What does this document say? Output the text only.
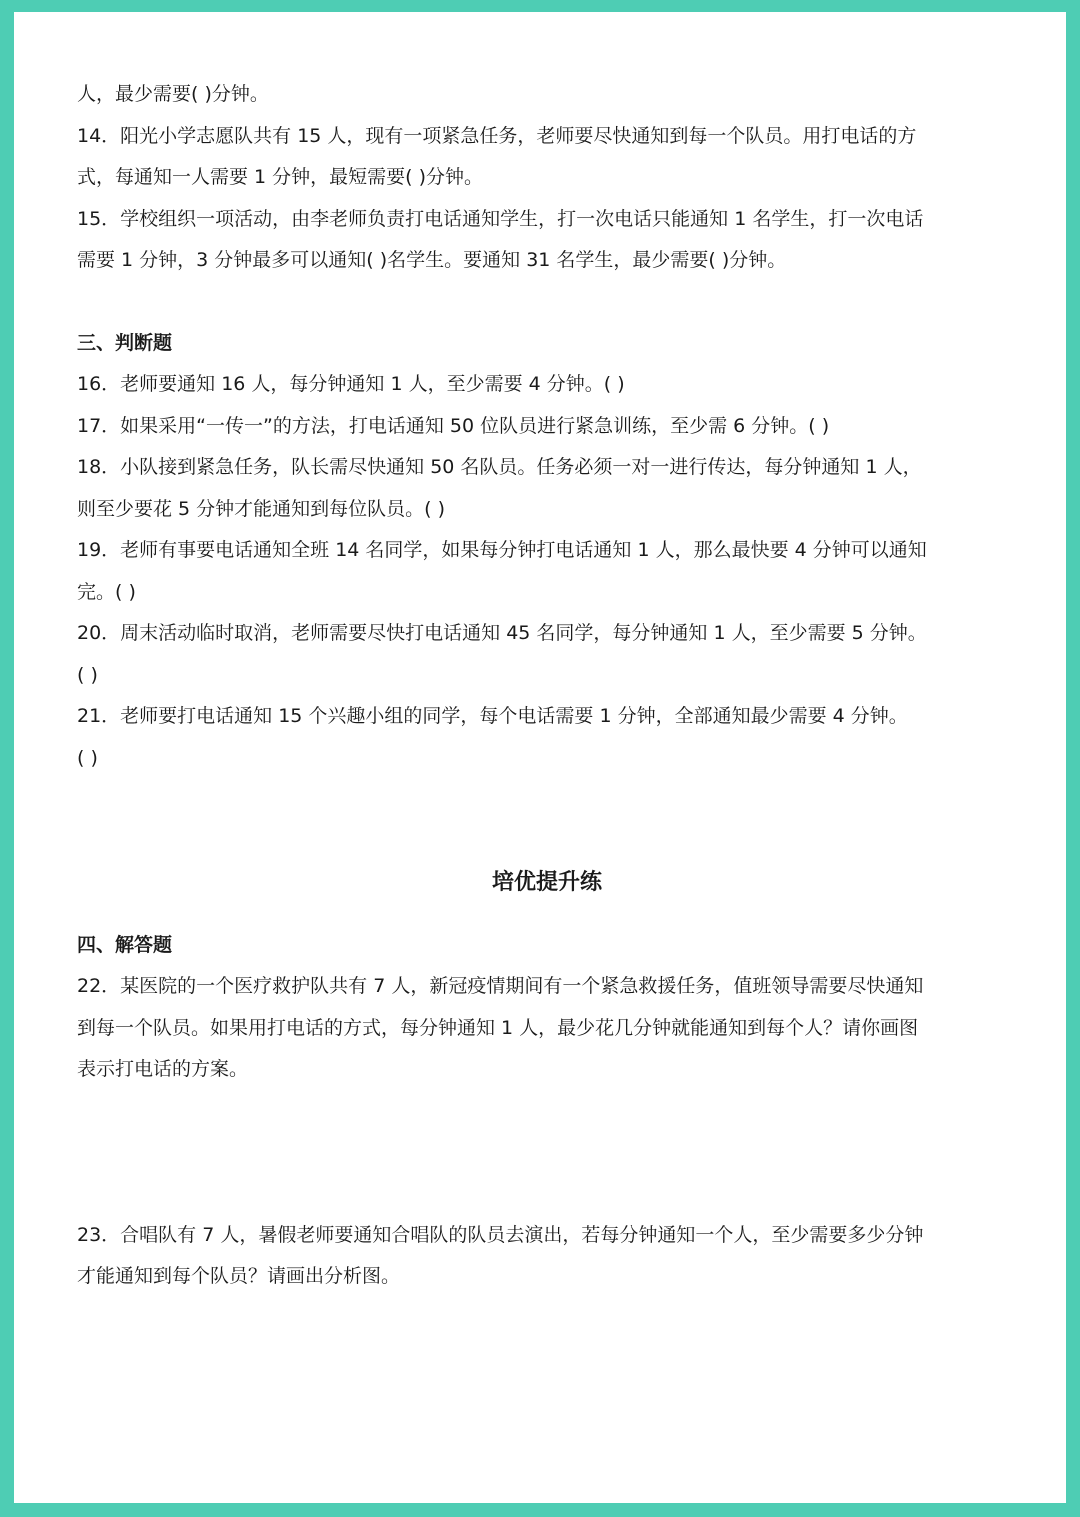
人，最少需要( )分钟。
14．阳光小学志愿队共有 15 人，现有一项紧急任务，老师要尽快通知到每一个队员。用打电话的方
式，每通知一人需要 1 分钟，最短需要( )分钟。
15．学校组织一项活动，由李老师负责打电话通知学生，打一次电话只能通知 1 名学生，打一次电话
需要 1 分钟，3 分钟最多可以通知( )名学生。要通知 31 名学生，最少需要( )分钟。
三、判断题
16．老师要通知 16 人，每分钟通知 1 人，至少需要 4 分钟。( )
17．如果采用“一传一”的方法，打电话通知 50 位队员进行紧急训练，至少需 6 分钟。( )
18．小队接到紧急任务，队长需尽快通知 50 名队员。任务必须一对一进行传达，每分钟通知 1 人，
则至少要花 5 分钟才能通知到每位队员。( )
19．老师有事要电话通知全班 14 名同学，如果每分钟打电话通知 1 人，那么最快要 4 分钟可以通知
完。( )
20．周末活动临时取消，老师需要尽快打电话通知 45 名同学，每分钟通知 1 人，至少需要 5 分钟。
( )
21．老师要打电话通知 15 个兴趣小组的同学，每个电话需要 1 分钟，全部通知最少需要 4 分钟。
( )
培优提升练
四、解答题
22．某医院的一个医疗救护队共有 7 人，新冠疫情期间有一个紧急救援任务，值班领导需要尽快通知
到每一个队员。如果用打电话的方式，每分钟通知 1 人，最少花几分钟就能通知到每个人？请你画图
表示打电话的方案。
23．合唱队有 7 人，暑假老师要通知合唱队的队员去演出，若每分钟通知一个人，至少需要多少分钟
才能通知到每个队员？请画出分析图。
